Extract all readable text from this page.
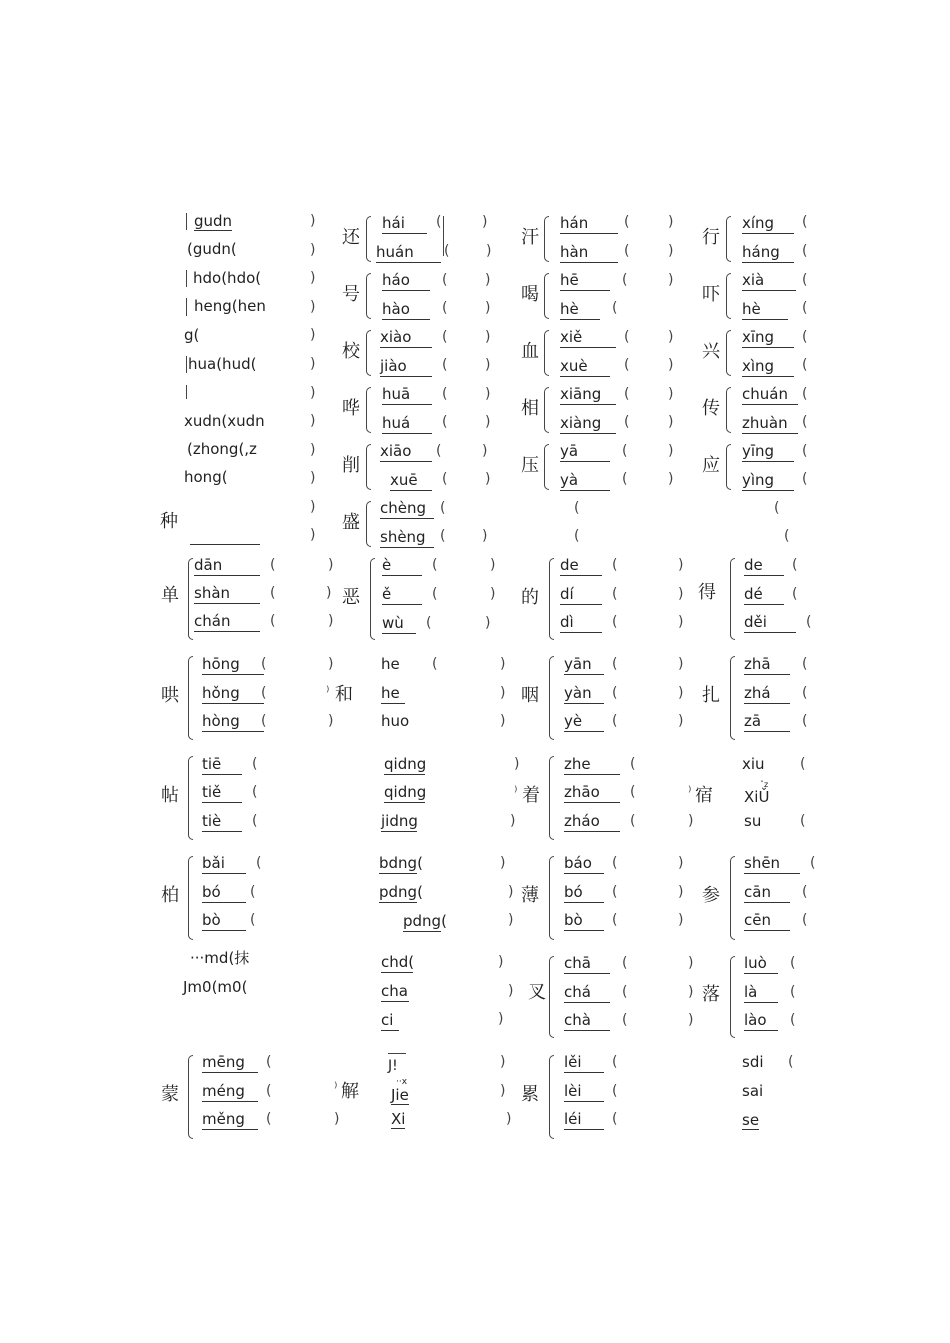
gudn
(gudn(
hdo(hdo(
heng(hen
g(
hua(hud(
xudn(xudn
(zhong(,z
hong(
种
单
dān
shàn
chán
(
(
(
哄
hōng
hǒng
hòng
(
(
(
帖
tiē
tiě
tiè
(
(
(
柏
bǎi
bó
bò
(
(
(
···md(抹
Jm0(m0(
蒙
mēng
méng
měng
(
(
(
)
)
)
)
)
)
)
)
)
)
)
)
)
)
)
)
⁾
)
⁾
)
还
hái
huán
(
(
号
háo
hào
(
(
校
xiào
jiào
(
(
哗
huā
huá
(
(
削
xiāo
xuē
(
(
盛
chèng
shèng
(
(
恶
è
ě
wù
(
(
(
和
he
he
huo
(
qidng
qidng
jidng
bdng(
pdng(
pdng(
chd(
cha
ci
解
J!
··x
Jie
Xi
)
)
)
)
)
)
)
)
)
)
)
)
)
)
)
)
)
)
⁾
)
)
)
)
)
)
)
)
)
)
(
(
汗
hán
hàn
(
(
喝
hē
hè
(
(
血
xiě
xuè
(
(
相
xiāng
xiàng
(
(
压
yā
yà
(
(
的
de
dí
dì
(
(
(
咽
yān
yàn
yè
(
(
(
着
zhe
zhāo
zháo
(
(
(
薄
báo
bó
bò
(
(
(
叉
chā
chá
chà
(
(
(
累
lěi
lèi
léi
(
(
(
)
)
)
)
)
)
)
)
)
)
)
)
)
)
)
⁾
)
)
)
)
)
)
)
(
(
行
xíng
háng
(
(
吓
xià
hè
(
(
兴
xīng
xìng
(
(
传
chuán
zhuàn
(
(
应
yīng
yìng
(
(
得
de
dé
děi
(
(
(
扎
zhā
zhá
zā
(
(
(
宿
xiu
ˇz
XiǓ
su
(
(
参
shēn
cān
cēn
(
(
(
落
luò
là
lào
(
(
(
sdi
sai
se
(
